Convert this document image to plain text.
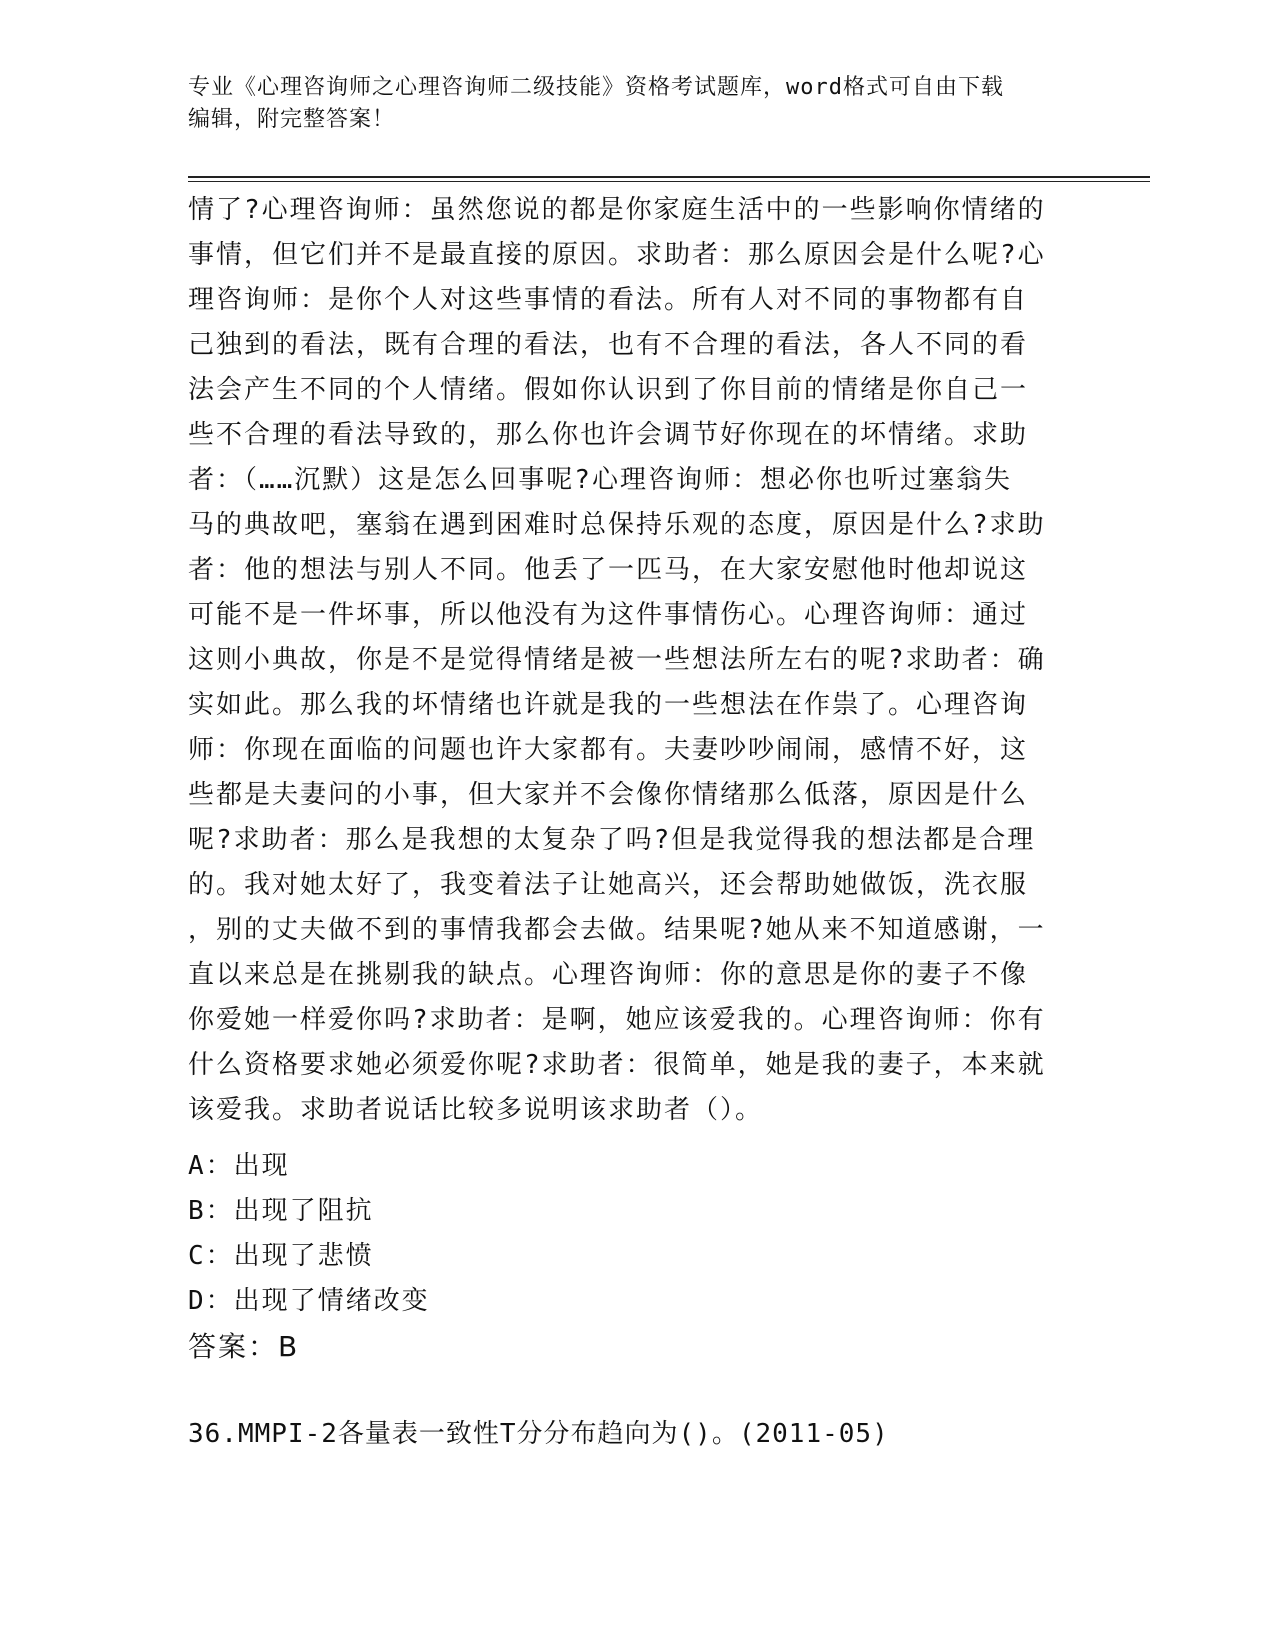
专业《心理咨询师之心理咨询师二级技能》资格考试题库，word格式可自由下载
编辑，附完整答案！
情了?心理咨询师：虽然您说的都是你家庭生活中的一些影响你情绪的
事情，但它们并不是最直接的原因。求助者：那么原因会是什么呢?心
理咨询师：是你个人对这些事情的看法。所有人对不同的事物都有自
己独到的看法，既有合理的看法，也有不合理的看法，各人不同的看
法会产生不同的个人情绪。假如你认识到了你目前的情绪是你自己一
些不合理的看法导致的，那么你也许会调节好你现在的坏情绪。求助
者：（……沉默）这是怎么回事呢?心理咨询师：想必你也听过塞翁失
马的典故吧，塞翁在遇到困难时总保持乐观的态度，原因是什么?求助
者：他的想法与别人不同。他丢了一匹马，在大家安慰他时他却说这
可能不是一件坏事，所以他没有为这件事情伤心。心理咨询师：通过
这则小典故，你是不是觉得情绪是被一些想法所左右的呢?求助者：确
实如此。那么我的坏情绪也许就是我的一些想法在作祟了。心理咨询
师：你现在面临的问题也许大家都有。夫妻吵吵闹闹，感情不好，这
些都是夫妻问的小事，但大家并不会像你情绪那么低落，原因是什么
呢?求助者：那么是我想的太复杂了吗?但是我觉得我的想法都是合理
的。我对她太好了，我变着法子让她高兴，还会帮助她做饭，洗衣服
，别的丈夫做不到的事情我都会去做。结果呢?她从来不知道感谢，一
直以来总是在挑剔我的缺点。心理咨询师：你的意思是你的妻子不像
你爱她一样爱你吗?求助者：是啊，她应该爱我的。心理咨询师：你有
什么资格要求她必须爱你呢?求助者：很简单，她是我的妻子，本来就
该爱我。求助者说话比较多说明该求助者（）。
A：出现
B：出现了阻抗
C：出现了悲愤
D：出现了情绪改变
答案：B
36.MMPI-2各量表一致性T分分布趋向为()。(2011-05)
